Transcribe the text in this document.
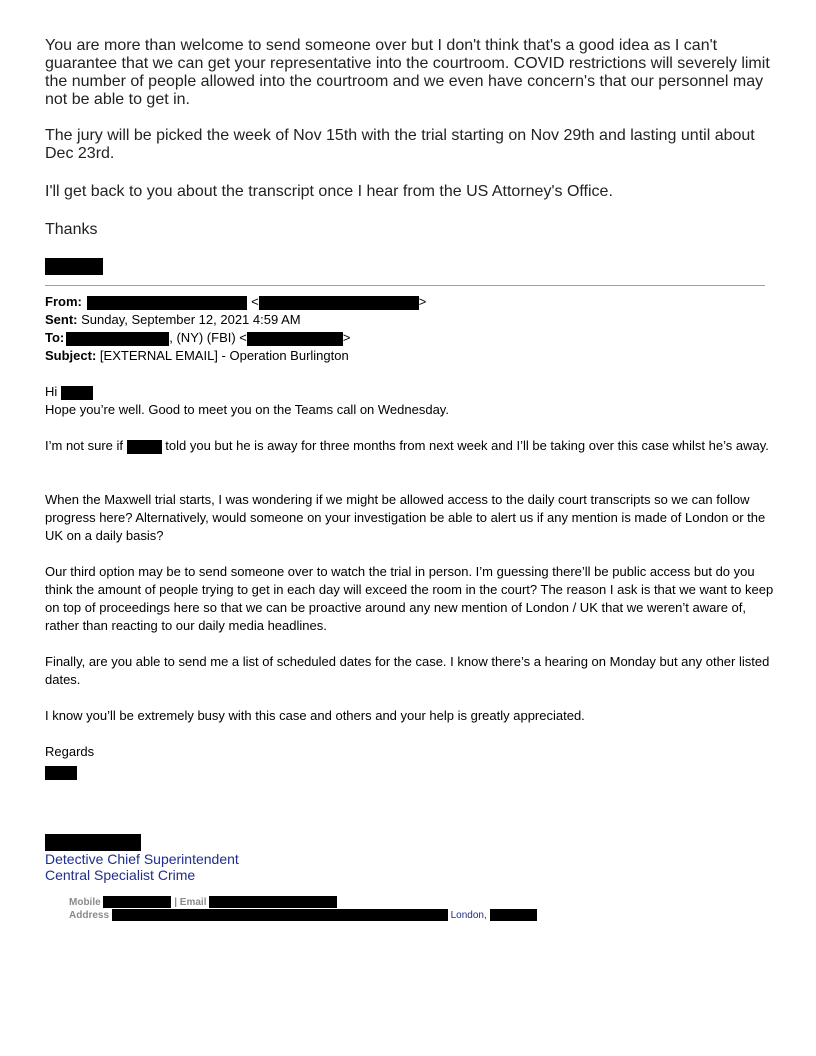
You are more than welcome to send someone over but I don't think that's a good idea as I can't guarantee that we can get your representative into the courtroom. COVID restrictions will severely limit the number of people allowed into the courtroom and we even have concern's that our personnel may not be able to get in.

The jury will be picked the week of Nov 15th with the trial starting on Nov 29th and lasting until about Dec 23rd.

I'll get back to you about the transcript once I hear from the US Attorney's Office.

Thanks

From:	<	>
Sent: Sunday, September 12, 2021 4:59 AM
To:	, (NY) (FBI) <	>
Subject: [EXTERNAL EMAIL] - Operation Burlington
Hi
Hope you’re well. Good to meet you on the Teams call on Wednesday.
I’m not sure if	told you but he is away for three months from next week and I’ll be taking over this case whilst he’s away.
When the Maxwell trial starts, I was wondering if we might be allowed access to the daily court transcripts so we can follow progress here? Alternatively, would someone on your investigation be able to alert us if any mention is made of London or the UK on a daily basis?
Our third option may be to send someone over to watch the trial in person. I’m guessing there’ll be public access but do you think the amount of people trying to get in each day will exceed the room in the court? The reason I ask is that we want to keep on top of proceedings here so that we can be proactive around any new mention of London / UK that we weren’t aware of, rather than reacting to our daily media headlines.
Finally, are you able to send me a list of scheduled dates for the case. I know there’s a hearing on Monday but any other listed dates.
I know you’ll be extremely busy with this case and others and your help is greatly appreciated.
Regards
Detective Chief Superintendent
Central Specialist Crime
Mobile	| Email
Address	London,
